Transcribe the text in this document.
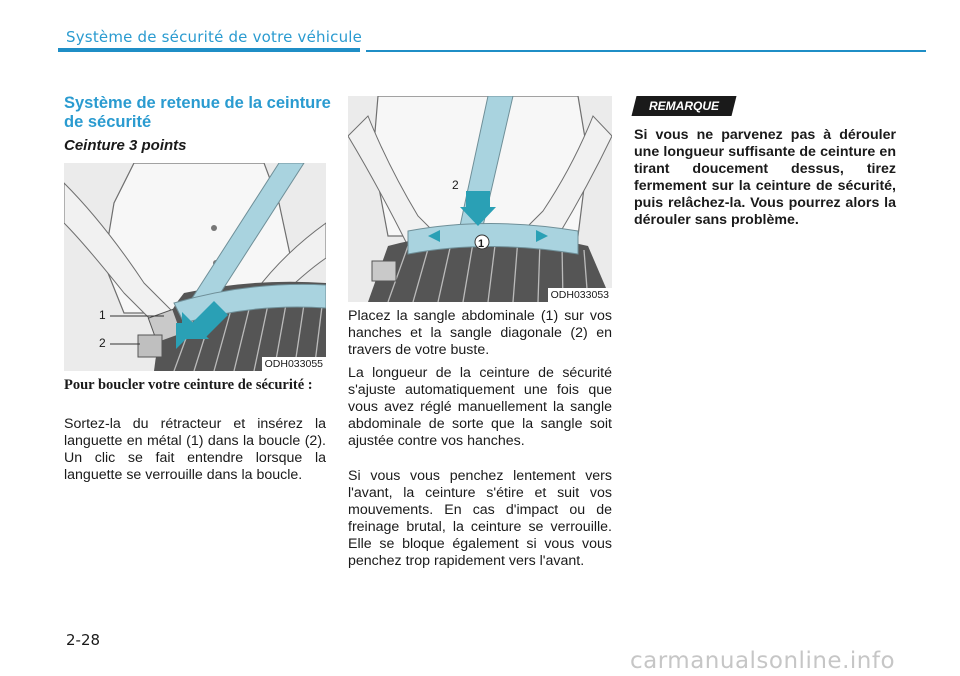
Système de sécurité de votre véhicule
Système de retenue de la ceinture de sécurité
Ceinture 3 points
1
2
ODH033055
2
1
ODH033053
Pour boucler votre ceinture de sécurité :

Sortez-la du rétracteur et insérez la languette en métal (1) dans la boucle (2). Un clic se fait entendre lorsque la languette se verrouille dans la boucle.

Placez la sangle abdominale (1) sur vos hanches et la sangle diagonale (2) en travers de votre buste.

La longueur de la ceinture de sécurité s'ajuste automatiquement une fois que vous avez réglé manuellement la sangle abdominale de sorte que la sangle soit ajustée contre vos hanches.

Si vous vous penchez lentement vers l'avant, la ceinture s'étire et suit vos mouvements. En cas d'impact ou de freinage brutal, la ceinture se verrouille. Elle se bloque également si vous vous penchez trop rapidement vers l'avant.

REMARQUE

Si vous ne parvenez pas à dérouler une longueur suffisante de ceinture en tirant doucement dessus, tirez fermement sur la ceinture de sécurité, puis relâchez-la. Vous pourrez alors la dérouler sans problème.

2-28
carmanualsonline.info
